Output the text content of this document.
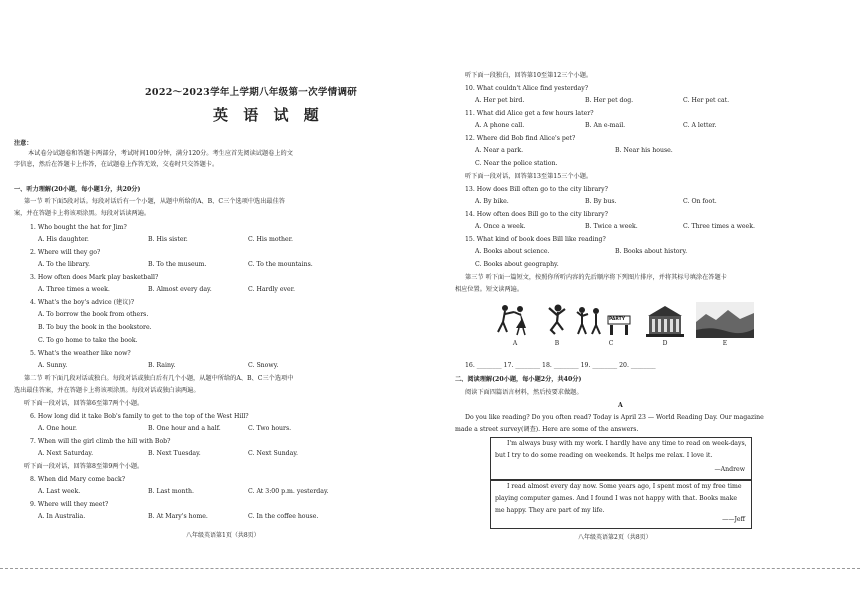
2022～2023学年上学期八年级第一次学情调研
英 语 试 题
注意：
本试卷分试题卷和答题卡两部分，考试时间100分钟，满分120分。考生应首先阅读试题卷上的文
字信息，然后在答题卡上作答，在试题卷上作答无效，交卷时只交答题卡。
一、听力理解(20小题，每小题1分，共20分)
第一节 听下面5段对话。每段对话后有一个小题，从题中所给的A、B、C三个选项中选出最佳答
案，并在答题卡上将该项涂黑。每段对话读两遍。
1. Who bought the hat for Jim?
A. His daughter.	B. His sister.	C. His mother.
2. Where will they go?
A. To the library.	B. To the museum.	C. To the mountains.
3. How often does Mark play basketball?
A. Three times a week.	B. Almost every day.	C. Hardly ever.
4. What's the boy's advice (建议)?
A. To borrow the book from others.
B. To buy the book in the bookstore.
C. To go home to take the book.
5. What's the weather like now?
A. Sunny.	B. Rainy.	C. Snowy.
第二节 听下面几段对话或独白。每段对话或独白后有几个小题，从题中所给的A、B、C三个选项中
选出最佳答案，并在答题卡上将该项涂黑。每段对话或独白读两遍。
听下面一段对话，回答第6至第7两个小题。
6. How long did it take Bob's family to get to the top of the West Hill?
A. One hour.	B. One hour and a half.	C. Two hours.
7. When will the girl climb the hill with Bob?
A. Next Saturday.	B. Next Tuesday.	C. Next Sunday.
听下面一段对话，回答第8至第9两个小题。
8. When did Mary come back?
A. Last week.	B. Last month.	C. At 3:00 p.m. yesterday.
9. Where will they meet?
A. In Australia.	B. At Mary's home.	C. In the coffee house.
八年级英语第1页（共8页）
听下面一段独白，回答第10至第12三个小题。
10. What couldn't Alice find yesterday?
A. Her pet bird.	B. Her pet dog.	C. Her pet cat.
11. What did Alice get a few hours later?
A. A phone call.	B. An e-mail.	C. A letter.
12. Where did Bob find Alice's pet?
A. Near a park.	B. Near his house.
C. Near the police station.
听下面一段对话，回答第13至第15三个小题。
13. How does Bill often go to the city library?
A. By bike.	B. By bus.	C. On foot.
14. How often does Bill go to the city library?
A. Once a week.	B. Twice a week.	C. Three times a week.
15. What kind of book does Bill like reading?
A. Books about science.	B. Books about history.
C. Books about geography.
第三节 听下面一篇短文，按照你所听内容的先后顺序将下列图片排序，并将其标号填涂在答题卡
相应位置。短文读两遍。
A	B
PARTY
C	D	E
16. ________ 17. ________ 18. ________ 19. ________ 20. ________
二、阅读理解(20小题，每小题2分，共40分)
阅读下面四篇语言材料，然后按要求做题。
A
Do you like reading? Do you often read? Today is April 23 — World Reading Day. Our magazine
made a street survey(调查). Here are some of the answers.
I'm always busy with my work. I hardly have any time to read on week-days, but I try to do some reading on weekends. It helps me relax. I love it.
—Andrew
I read almost every day now. Some years ago, I spent most of my free time playing computer games. And I found I was not happy with that. Books make me happy. They are part of my life.
——Jeff
八年级英语第2页（共8页）
